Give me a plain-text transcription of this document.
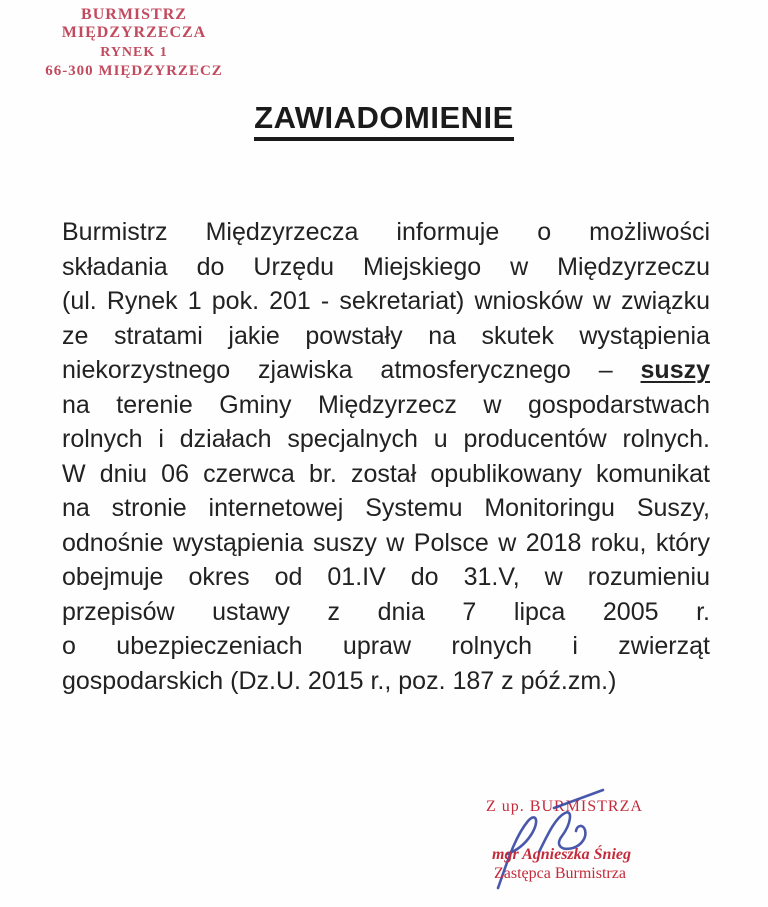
BURMISTRZ MIĘDZYRZECZA
RYNEK 1
66-300 MIĘDZYRZECZ
ZAWIADOMIENIE
Burmistrz Międzyrzecza informuje o możliwości
składania do Urzędu Miejskiego w Międzyrzeczu
(ul. Rynek 1 pok. 201 - sekretariat) wniosków w związku
ze stratami jakie powstały na skutek wystąpienia
niekorzystnego zjawiska atmosferycznego – suszy
na terenie Gminy Międzyrzecz w gospodarstwach
rolnych i działach specjalnych u producentów rolnych.
W dniu 06 czerwca br. został opublikowany komunikat
na stronie internetowej Systemu Monitoringu Suszy,
odnośnie wystąpienia suszy w Polsce w 2018 roku, który
obejmuje okres od 01.IV do 31.V, w rozumieniu
przepisów ustawy z dnia 7 lipca 2005 r.
o ubezpieczeniach upraw rolnych i zwierząt
gospodarskich (Dz.U. 2015 r., poz. 187 z póź.zm.)
Z up. BURMISTRZA
mgr Agnieszka Śnieg
Zastępca Burmistrza
